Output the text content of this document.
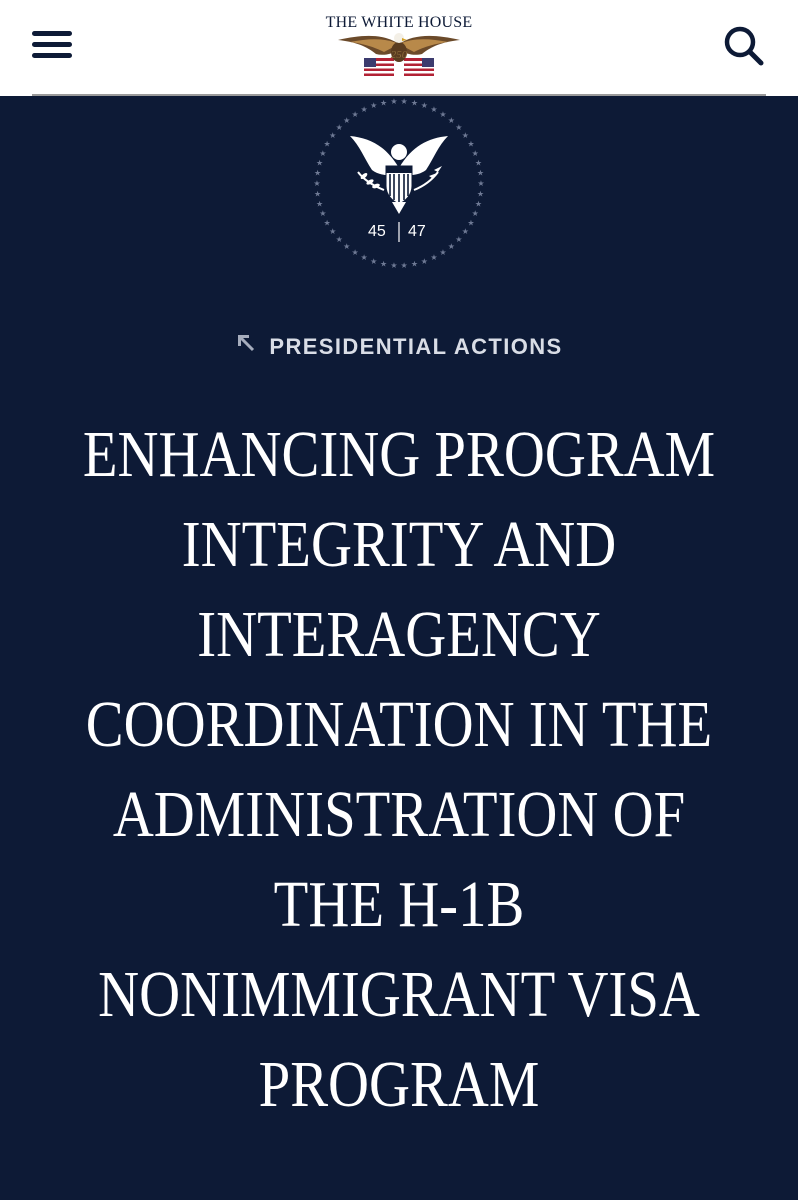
250
THE WHITE HOUSE
★
★
★
★
★
★
★
★
★
★
★
★
★
★
★
★
★
★
★
★
★
★
★
★
★
★
★
★
★
★
★
★
★
★
★ ★ ★ ★ ★ ★ ★ ★
★
★
★
★
★
★
★
★
45 47
PRESIDENTIAL ACTIONS
ENHANCING PROGRAM INTEGRITY AND INTERAGENCY COORDINATION IN THE ADMINISTRATION OF THE H-1B NONIMMIGRANT VISA PROGRAM
